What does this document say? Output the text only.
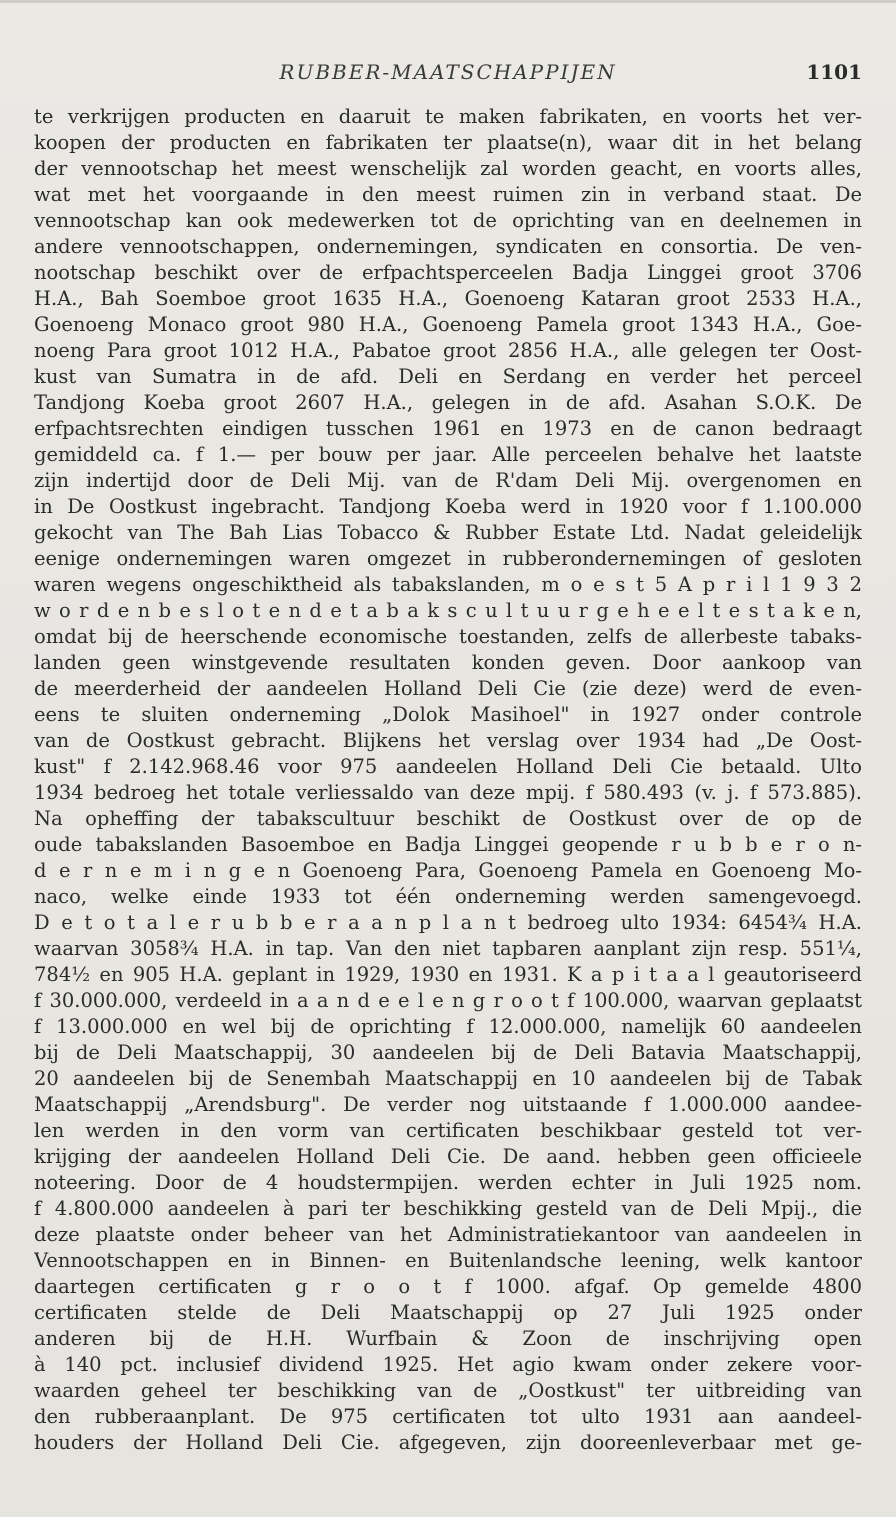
RUBBER-MAATSCHAPPIJEN	1101
te verkrijgen producten en daaruit te maken fabrikaten, en voorts het ver-
koopen der producten en fabrikaten ter plaatse(n), waar dit in het belang
der vennootschap het meest wenschelijk zal worden geacht, en voorts alles,
wat met het voorgaande in den meest ruimen zin in verband staat. De
vennootschap kan ook medewerken tot de oprichting van en deelnemen in
andere vennootschappen, ondernemingen, syndicaten en consortia. De ven-
nootschap beschikt over de erfpachtsperceelen Badja Linggei groot 3706
H.A., Bah Soemboe groot 1635 H.A., Goenoeng Kataran groot 2533 H.A.,
Goenoeng Monaco groot 980 H.A., Goenoeng Pamela groot 1343 H.A., Goe-
noeng Para groot 1012 H.A., Pabatoe groot 2856 H.A., alle gelegen ter Oost-
kust van Sumatra in de afd. Deli en Serdang en verder het perceel
Tandjong Koeba groot 2607 H.A., gelegen in de afd. Asahan S.O.K. De
erfpachtsrechten eindigen tusschen 1961 en 1973 en de canon bedraagt
gemiddeld ca. f 1.— per bouw per jaar. Alle perceelen behalve het laatste
zijn indertijd door de Deli Mij. van de R'dam Deli Mij. overgenomen en
in De Oostkust ingebracht. Tandjong Koeba werd in 1920 voor f 1.100.000
gekocht van The Bah Lias Tobacco & Rubber Estate Ltd. Nadat geleidelijk
eenige ondernemingen waren omgezet in rubberondernemingen of gesloten
waren wegens ongeschiktheid als tabakslanden, m o e s t 5 A p r i l 1 9 3 2
w o r d e n b e s l o t e n d e t a b a k s c u l t u u r g e h e e l t e s t a k e n,
omdat bij de heerschende economische toestanden, zelfs de allerbeste tabaks-
landen geen winstgevende resultaten konden geven. Door aankoop van
de meerderheid der aandeelen Holland Deli Cie (zie deze) werd de even-
eens te sluiten onderneming „Dolok Masihoel" in 1927 onder controle
van de Oostkust gebracht. Blijkens het verslag over 1934 had „De Oost-
kust" f 2.142.968.46 voor 975 aandeelen Holland Deli Cie betaald. Ulto
1934 bedroeg het totale verliessaldo van deze mpij. f 580.493 (v. j. f 573.885).
Na opheffing der tabakscultuur beschikt de Oostkust over de op de
oude tabakslanden Basoemboe en Badja Linggei geopende r u b b e r o n-
d e r n e m i n g e n Goenoeng Para, Goenoeng Pamela en Goenoeng Mo-
naco, welke einde 1933 tot één onderneming werden samengevoegd.
D e t o t a l e r u b b e r a a n p l a n t bedroeg ulto 1934: 6454¾ H.A.
waarvan 3058¾ H.A. in tap. Van den niet tapbaren aanplant zijn resp. 551¼,
784½ en 905 H.A. geplant in 1929, 1930 en 1931. K a p i t a a l geautoriseerd
f 30.000.000, verdeeld in a a n d e e l e n g r o o t f 100.000, waarvan geplaatst
f 13.000.000 en wel bij de oprichting f 12.000.000, namelijk 60 aandeelen
bij de Deli Maatschappij, 30 aandeelen bij de Deli Batavia Maatschappij,
20 aandeelen bij de Senembah Maatschappij en 10 aandeelen bij de Tabak
Maatschappij „Arendsburg". De verder nog uitstaande f 1.000.000 aandee-
len werden in den vorm van certificaten beschikbaar gesteld tot ver-
krijging der aandeelen Holland Deli Cie. De aand. hebben geen officieele
noteering. Door de 4 houdstermpijen. werden echter in Juli 1925 nom.
f 4.800.000 aandeelen à pari ter beschikking gesteld van de Deli Mpij., die
deze plaatste onder beheer van het Administratiekantoor van aandeelen in
Vennootschappen en in Binnen- en Buitenlandsche leening, welk kantoor
daartegen certificaten g r o o t f 1000. afgaf. Op gemelde 4800
certificaten stelde de Deli Maatschappij op 27 Juli 1925 onder
anderen bij de H.H. Wurfbain & Zoon de inschrijving open
à 140 pct. inclusief dividend 1925. Het agio kwam onder zekere voor-
waarden geheel ter beschikking van de „Oostkust" ter uitbreiding van
den rubberaanplant. De 975 certificaten tot ulto 1931 aan aandeel-
houders der Holland Deli Cie. afgegeven, zijn dooreenleverbaar met ge-
